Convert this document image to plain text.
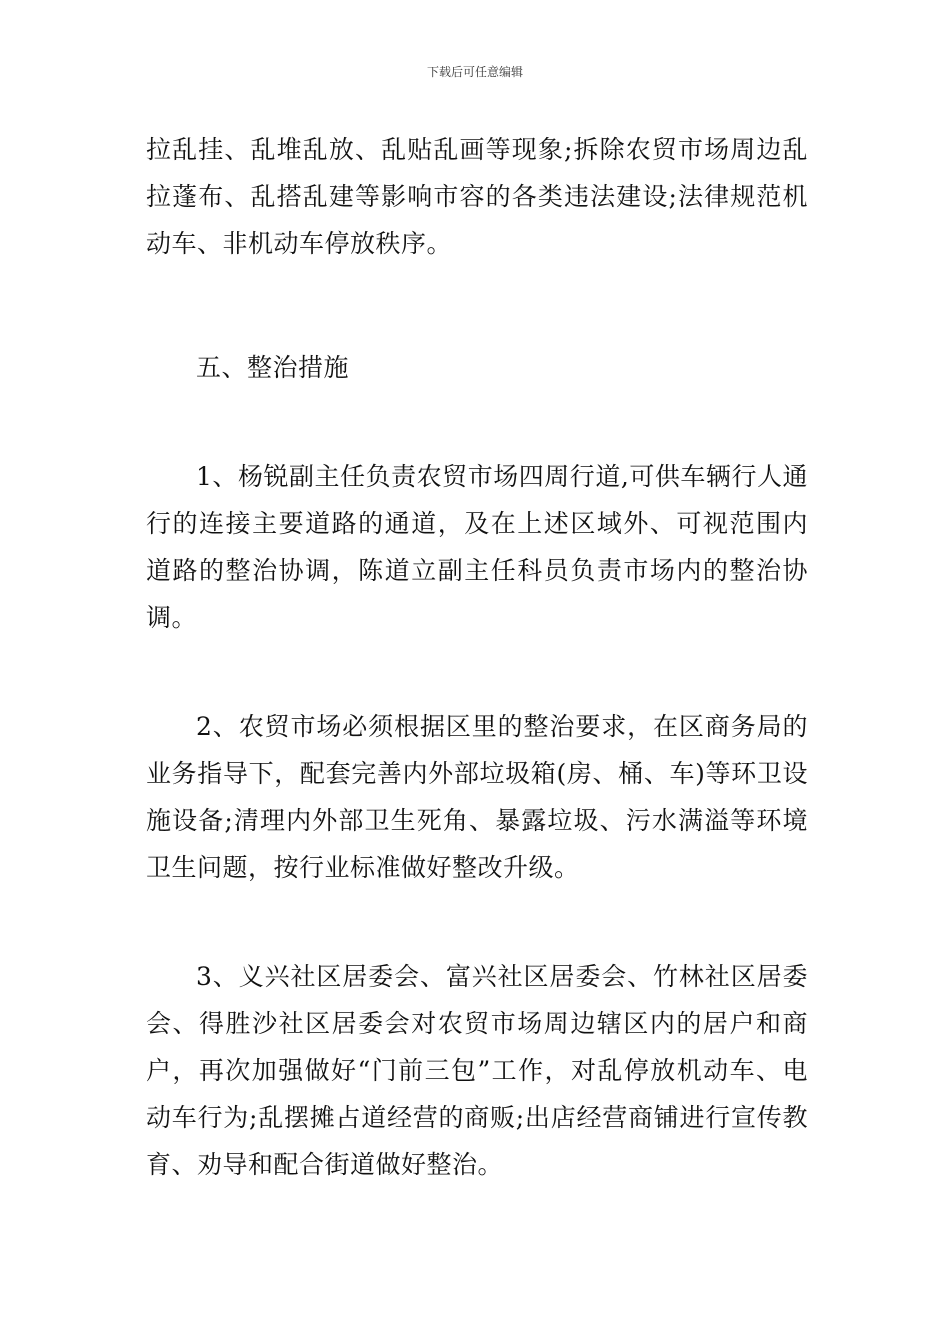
下载后可任意编辑

拉乱挂、乱堆乱放、乱贴乱画等现象;拆除农贸市场周边乱拉蓬布、乱搭乱建等影响市容的各类违法建设;法律规范机动车、非机动车停放秩序。

五、整治措施

1、杨锐副主任负责农贸市场四周行道,可供车辆行人通行的连接主要道路的通道，及在上述区域外、可视范围内道路的整治协调，陈道立副主任科员负责市场内的整治协调。

2、农贸市场必须根据区里的整治要求，在区商务局的业务指导下，配套完善内外部垃圾箱(房、桶、车)等环卫设施设备;清理内外部卫生死角、暴露垃圾、污水满溢等环境卫生问题，按行业标准做好整改升级。

3、义兴社区居委会、富兴社区居委会、竹林社区居委会、得胜沙社区居委会对农贸市场周边辖区内的居户和商户，再次加强做好“门前三包”工作，对乱停放机动车、电动车行为;乱摆摊占道经营的商贩;出店经营商铺进行宣传教育、劝导和配合街道做好整治。
